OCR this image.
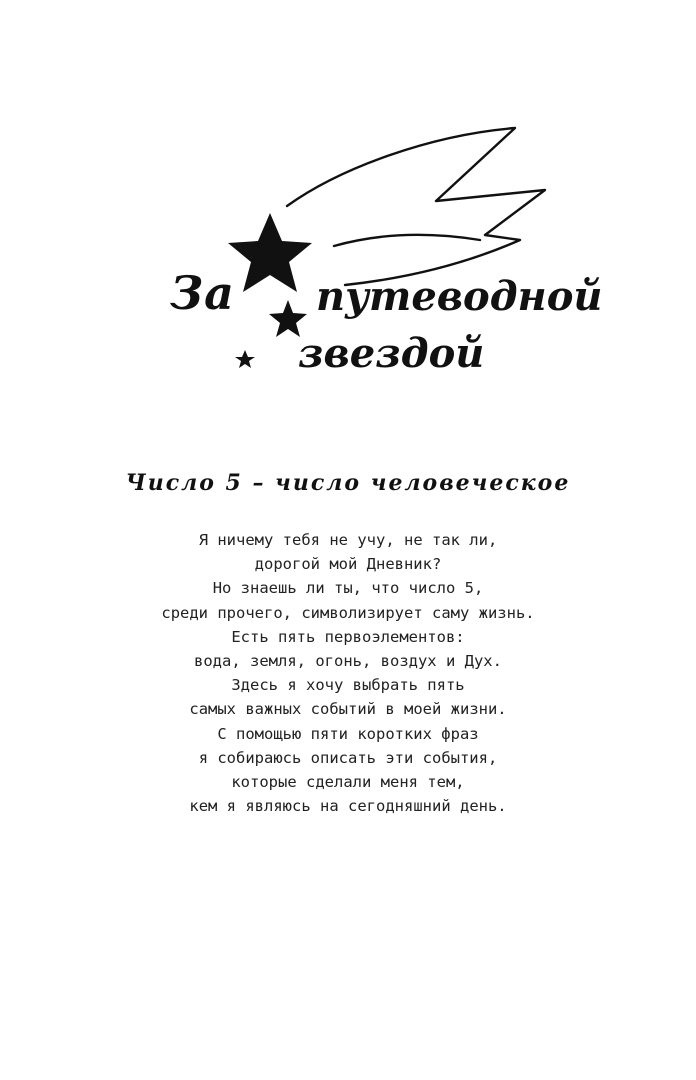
За путеводной
звездой
Число 5 – число человеческое
Я ничему тебя не учу, не так ли,
дорогой мой Дневник?
Но знаешь ли ты, что число 5,
среди прочего, символизирует саму жизнь.
Есть пять первоэлементов:
вода, земля, огонь, воздух и Дух.
Здесь я хочу выбрать пять
самых важных событий в моей жизни.
С помощью пяти коротких фраз
я собираюсь описать эти события,
которые сделали меня тем,
кем я являюсь на сегодняшний день.
